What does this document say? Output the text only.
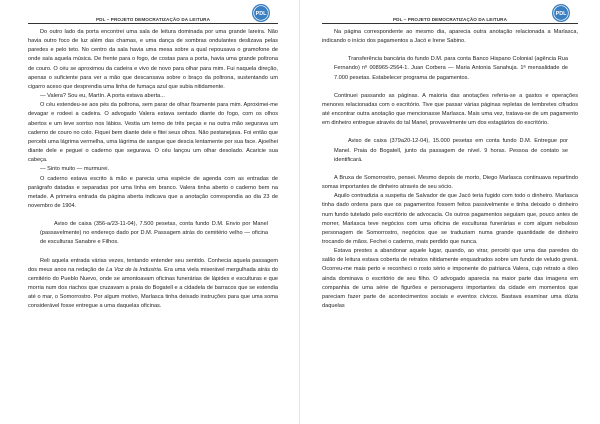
PDL – PROJETO DEMOCRATIZAÇÃO DA LEITURA
PDL

Do outro lado da porta encontrei uma sala de leitura dominada por uma grande lareira. Não havia outro foco de luz além das chamas, e uma dança de sombras ondulantes deslizava pelas paredes e pelo teto. No centro da sala havia uma mesa sobre a qual repousava o gramofone de onde saía aquela música. De frente para o fogo, de costas para a porta, havia uma grande poltrona de couro. O céu se aproximou da cadeira e vivo de novo para olhar para mim. Fui naquela direção, apenas o suficiente para ver a mão que descansava sobre o braço da poltrona, sustentando um cigarro aceso que desprendia uma linha de fumaça azul que subia nitidamente.

— Valera? Sou eu, Martín. A porta estava aberta...

O céu estendeu-se aos pés da poltrona, sem parar de olhar fixamente para mim. Aproximei-me devagar e rodeei a cadeira. O advogado Valera estava sentado diante do fogo, com os olhos abertos e um leve sorriso nos lábios. Vestia um terno de três peças e na outra mão segurava um caderno de couro no colo. Fiquei bem diante dele e fitei seus olhos. Não pestanejava. Foi então que percebi uma lágrima vermelha, uma lágrima de sangue que descia lentamente por sua face. Ajoelhei diante dele e peguei o caderno que segurava. O céu lançou um olhar desolado. Acaricie sua cabeça.

— Sinto muito — murmurei.

O caderno estava escrito à mão e parecia uma espécie de agenda com as entradas de parágrafo datadas e separadas por uma linha em branco. Valera tinha aberto o caderno bem na metade. A primeira entrada da página aberta indicava que a anotação correspondia ao dia 23 de novembro de 1904.

Aviso de caixa (356-a/23-11-04), 7.500 pesetas, conta fundo D.M. Envio por Manel (passavelmente) no endereço dado por D.M. Passagem atrás do cemitério velho — oficina de esculturas Sanabre e Filhos.

Reli aquela entrada várias vezes, tentando entender seu sentido. Conhecia aquela passagem dos meus anos na redação de La Voz de la Industria. Era uma viela miserável mergulhada atrás do cemitério do Pueblo Nuevo, onde se amontoavam oficinas funerárias de lápides e esculturas e que morria num dos riachos que cruzavam a praia do Bogatell e a cidadela de barracos que se estendia até o mar, o Somorrostro. Por algum motivo, Marlasca tinha deixado instruções para que uma soma considerável fosse entregue a uma daquelas oficinas.

PDL – PROJETO DEMOCRATIZAÇÃO DA LEITURA
PDL

Na página correspondente ao mesmo dia, aparecia outra anotação relacionada a Marlasca, indicando o início dos pagamentos a Jacó e Irene Sabino.

Transferência bancária do fundo D.M. para conta Banco Hispano Colonial (agência Rua Fernando) nº 008965-2564-1. Juan Corbera — Maria Antonia Sanahuja. 1ª mensalidade de 7.000 pesetas. Estabelecer programa de pagamentos.

Continuei passando as páginas. A maioria das anotações referia-se a gastos e operações menores relacionadas com o escritório. Tive que passar várias páginas repletas de lembretes cifrados até encontrar outra anotação que mencionasse Marlasca. Mais uma vez, tratava-se de um pagamento em dinheiro entregue através do tal Manel, provavelmente um dos estagiários do escritório.

Aviso de caixa (379a20-12-04), 15.000 pesetas em conta fundo D.M. Entregue por Manel. Praia do Bogatell, junto da passagem de nível. 9 horas. Pessoa de contato se identificará.

A Bruxa de Somorrostro, pensei. Mesmo depois de morto, Diego Marlasca continuava repartindo somas importantes de dinheiro através de seu sócio.

Aquilo contradizia a suspeita de Salvador de que Jacó teria fugido com todo o dinheiro. Marlasca tinha dado ordens para que os pagamentos fossem feitos passivelmente e tinha deixado o dinheiro num fundo tutelado pelo escritório de advocacia. Os outros pagamentos seguiam que, pouco antes de morrer, Marlasca teve negócios com uma oficina de esculturas funerárias e com algum nebuloso personagem de Somorrostro, negócios que se traduziam numa grande quantidade de dinheiro trocando de mãos. Fechei o caderno, mais perdido que nunca.

Estava prestes a abandonar aquele lugar, quando, ao virar, percebi que uma das paredes do salão de leitura estava coberta de retratos nitidamente enquadrados sobre um fundo de veludo grená. Ocorreu-me mais perto e reconheci o rosto sério e imponente do patriarca Valera, cujo retrato a óleo ainda dominava o escritório de seu filho. O advogado aparecia na maior parte das imagens em companhia de uma série de figurões e personagens importantes da cidade em momentos que pareciam fazer parte de acontecimentos sociais e eventos cívicos. Bastava examinar uma dúzia daquelas
